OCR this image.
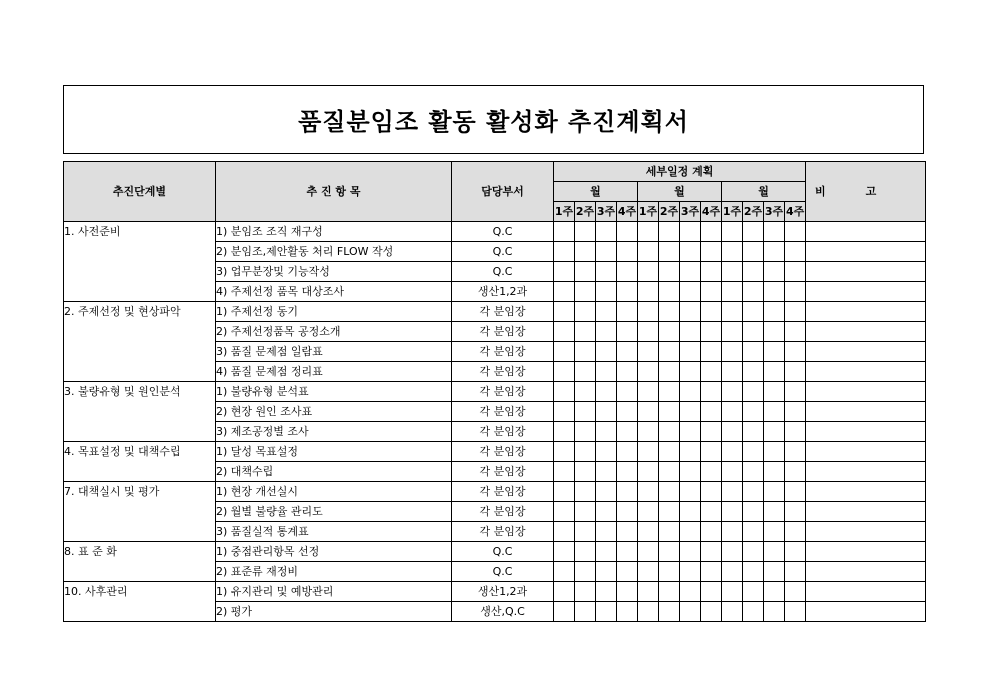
품질분임조 활동 활성화 추진계획서
추진단계별	추 진 항 목	담당부서	세부일정 계획												비고
			월				월				월				
			1주	2주	3주	4주	1주	2주	3주	4주	1주	2주	3주	4주	
1. 사전준비	1) 분임조 조직 재구성	Q.C													
	2) 분임조,제안활동 처리 FLOW 작성	Q.C													
	3) 업무분장및 기능작성	Q.C													
	4) 주제선정 품목 대상조사	생산1,2과													
2. 주제선정 및 현상파악	1) 주제선정 동기	각 분임장													
	2) 주제선정품목 공정소개	각 분임장													
	3) 품질 문제점 일람표	각 분임장													
	4) 품질 문제점 정리표	각 분임장													
3. 불량유형 및 원인분석	1) 불량유형 분석표	각 분임장													
	2) 현장 원인 조사표	각 분임장													
	3) 제조공정별 조사	각 분임장													
4. 목표설정 및 대책수립	1) 달성 목표설정	각 분임장													
	2) 대책수립	각 분임장													
7. 대책실시 및 평가	1) 현장 개선실시	각 분임장													
	2) 월별 불량율 관리도	각 분임장													
	3) 품질실적 통계표	각 분임장													
8. 표 준 화	1) 중점관리항목 선정	Q.C													
	2) 표준류 재정비	Q.C													
10. 사후관리	1) 유지관리 및 예방관리	생산1,2과													
	2) 평가	생산,Q.C													
